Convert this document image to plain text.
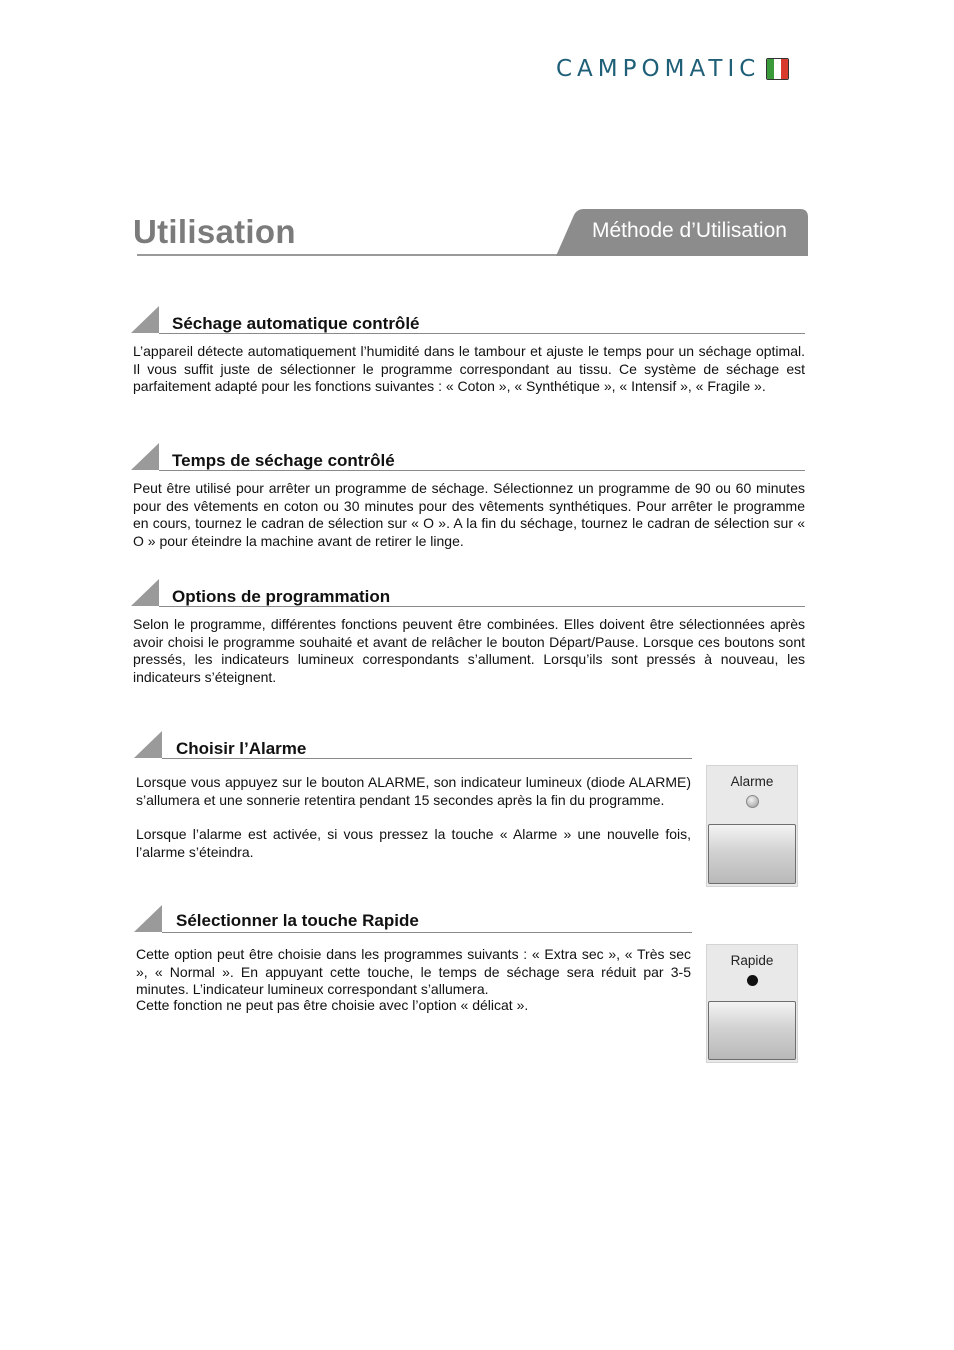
CAMPOMATIC
Utilisation	Méthode d’Utilisation
Séchage automatique contrôlé

L’appareil détecte automatiquement l’humidité dans le tambour et ajuste le temps pour un séchage optimal. Il vous suffit juste de sélectionner le programme correspondant au tissu. Ce système de séchage est parfaitement adapté pour les fonctions suivantes : « Coton », « Synthétique », « Intensif », « Fragile ».

Temps de séchage contrôlé

Peut être utilisé pour arrêter un programme de séchage. Sélectionnez un programme de 90 ou 60 minutes pour des vêtements en coton ou 30 minutes pour des vêtements synthétiques. Pour arrêter le programme en cours, tournez le cadran de sélection sur « O ». A la fin du séchage, tournez le cadran de sélection sur « O » pour éteindre la machine avant de retirer le linge.

Options de programmation

Selon le programme, différentes fonctions peuvent être combinées. Elles doivent être sélectionnées après avoir choisi le programme souhaité et avant de relâcher le bouton Départ/Pause. Lorsque ces boutons sont pressés, les indicateurs lumineux correspondants s’allument. Lorsqu’ils sont pressés à nouveau, les indicateurs s’éteignent.

Choisir l’Alarme

Lorsque vous appuyez sur le bouton ALARME, son indicateur lumineux (diode ALARME) s’allumera et une sonnerie retentira pendant 15 secondes après la fin du programme.

Lorsque l’alarme est activée, si vous pressez la touche « Alarme » une nouvelle fois, l’alarme s’éteindra.

Alarme
Sélectionner la touche Rapide

Cette option peut être choisie dans les programmes suivants : « Extra sec », « Très sec », « Normal ». En appuyant cette touche, le temps de séchage sera réduit par 3-5 minutes. L’indicateur lumineux correspondant s’allumera.

Cette fonction ne peut pas être choisie avec l’option « délicat ».

Rapide
